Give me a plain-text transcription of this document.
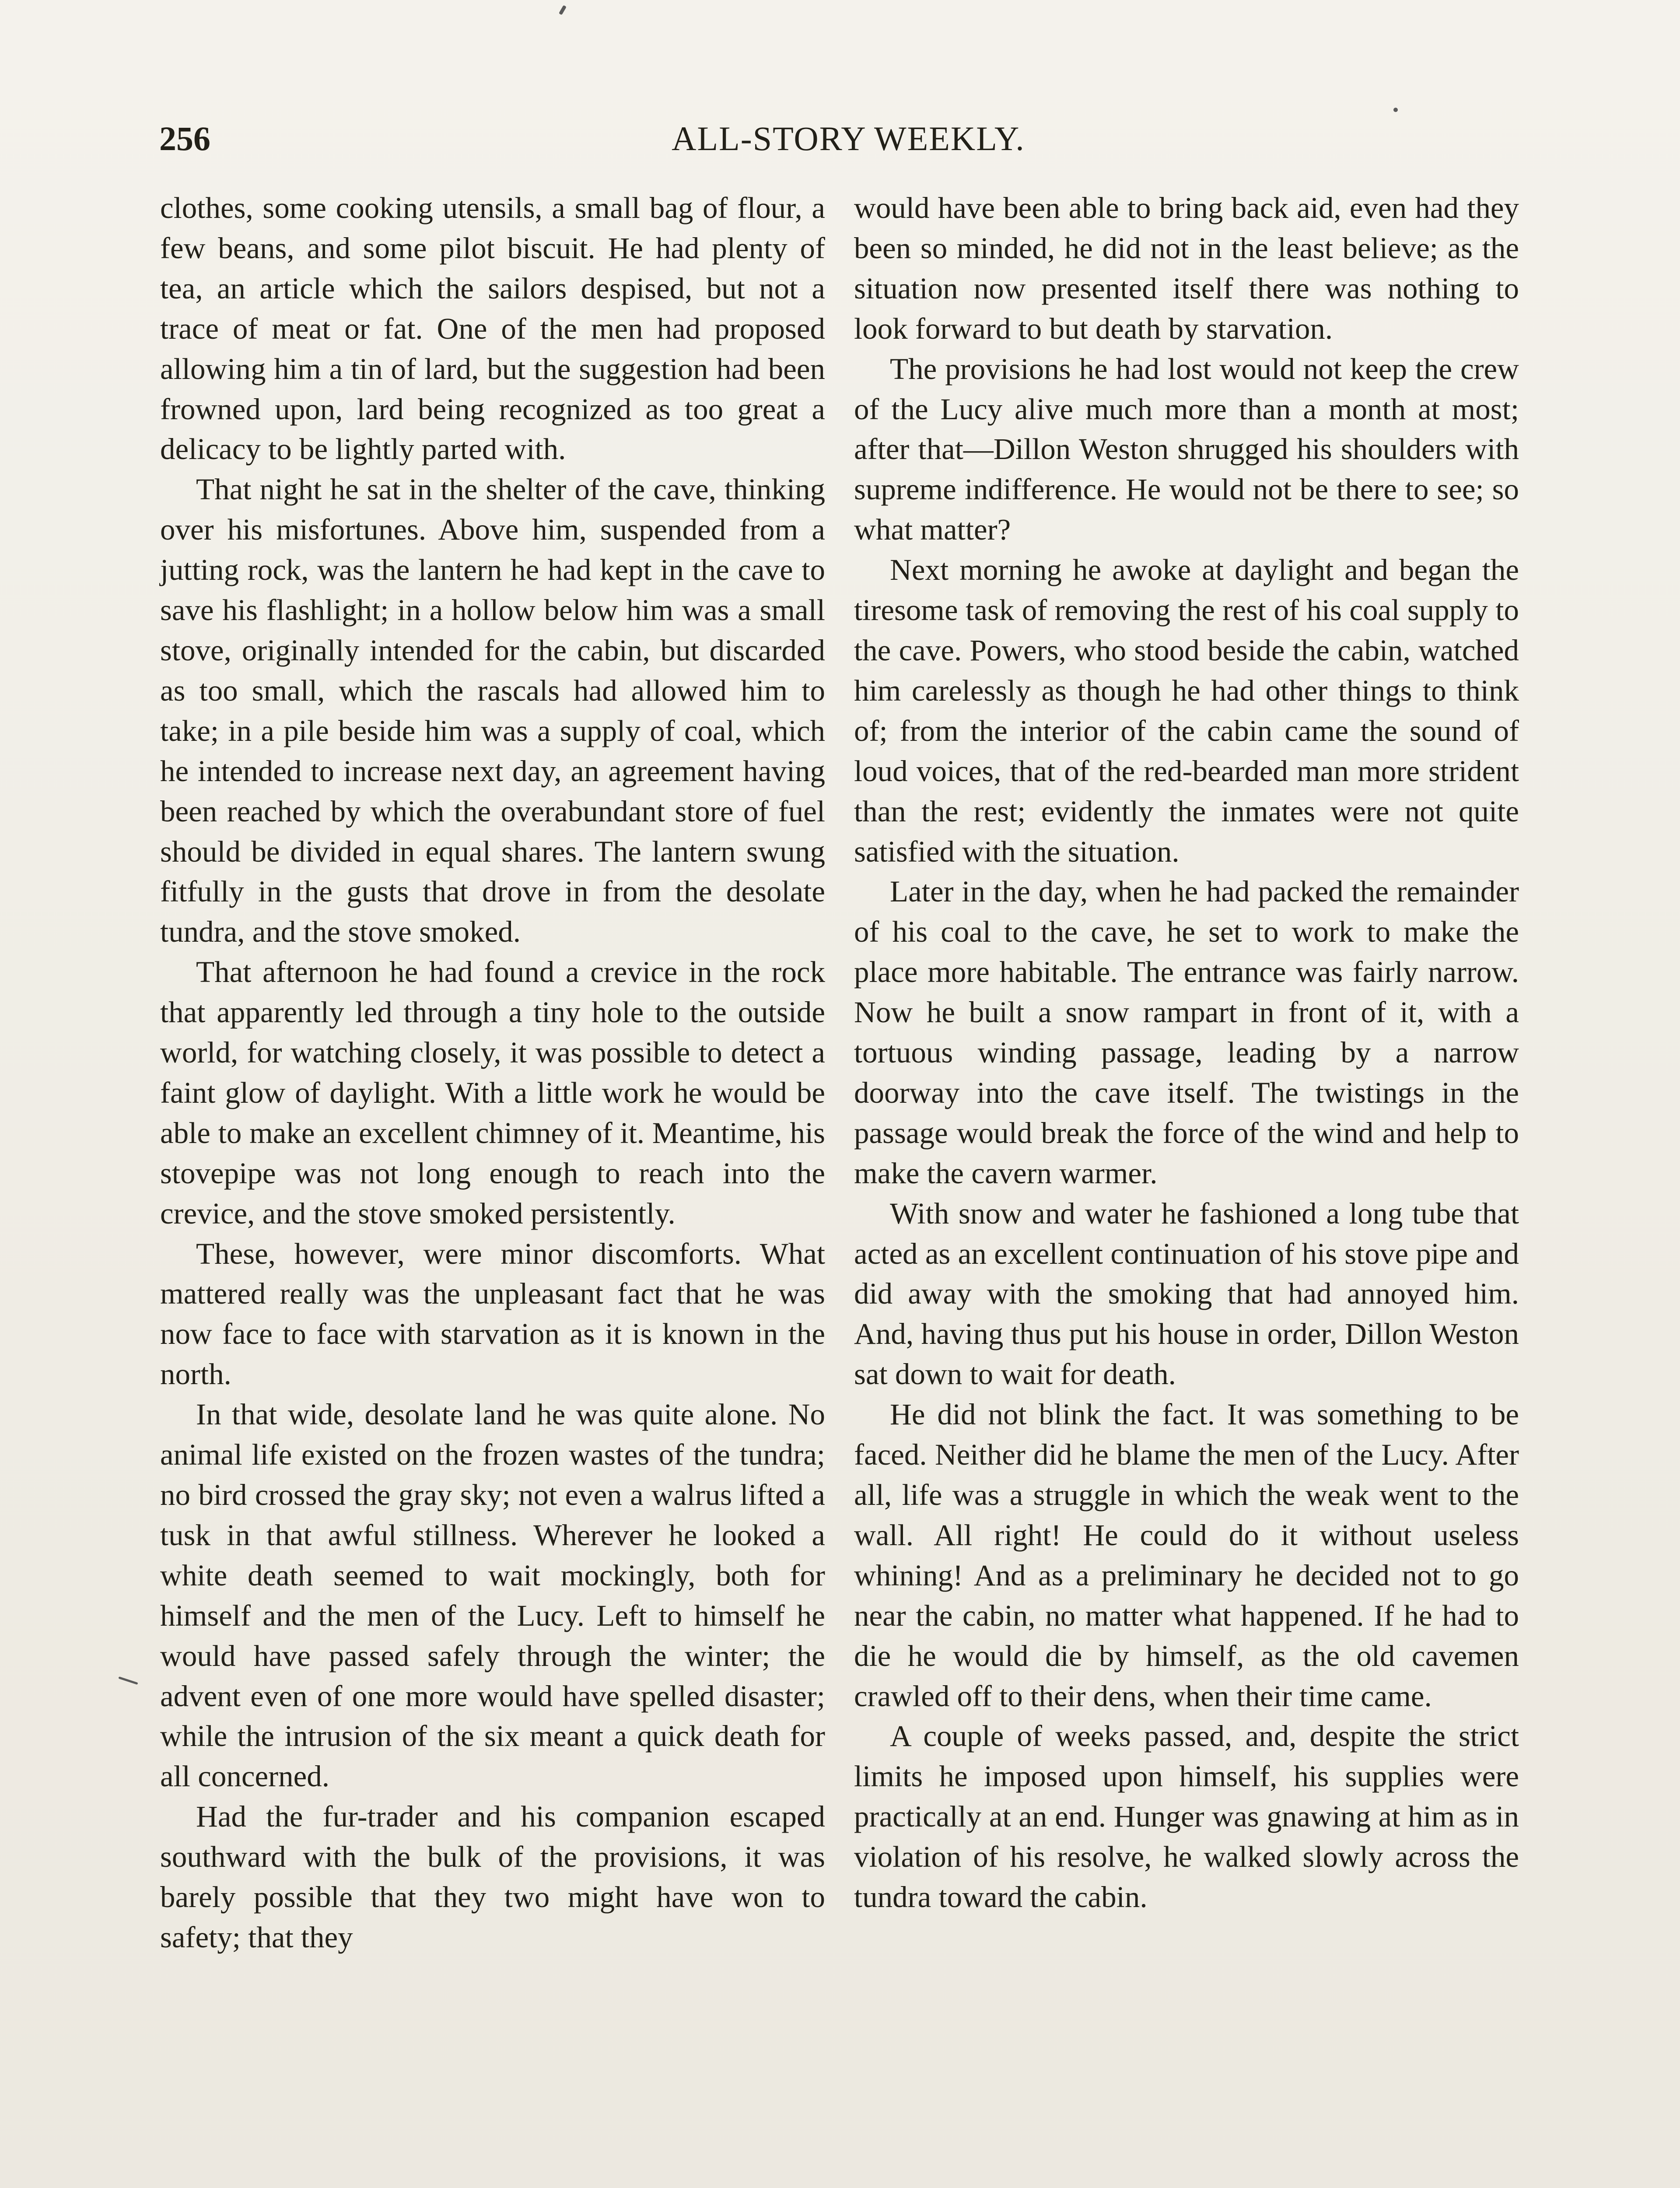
256	ALL-STORY WEEKLY.

clothes, some cooking utensils, a small bag of flour, a few beans, and some pilot biscuit. He had plenty of tea, an article which the sailors despised, but not a trace of meat or fat. One of the men had proposed allowing him a tin of lard, but the suggestion had been frowned upon, lard being recognized as too great a delicacy to be lightly parted with.

That night he sat in the shelter of the cave, thinking over his misfortunes. Above him, suspended from a jutting rock, was the lantern he had kept in the cave to save his flashlight; in a hollow below him was a small stove, originally intended for the cabin, but discarded as too small, which the rascals had allowed him to take; in a pile beside him was a supply of coal, which he intended to increase next day, an agreement having been reached by which the overabundant store of fuel should be divided in equal shares. The lantern swung fitfully in the gusts that drove in from the desolate tundra, and the stove smoked.

That afternoon he had found a crevice in the rock that apparently led through a tiny hole to the outside world, for watching closely, it was possible to detect a faint glow of daylight. With a little work he would be able to make an excellent chimney of it. Meantime, his stovepipe was not long enough to reach into the crevice, and the stove smoked persistently.

These, however, were minor discomforts. What mattered really was the unpleasant fact that he was now face to face with starvation as it is known in the north.

In that wide, desolate land he was quite alone. No animal life existed on the frozen wastes of the tundra; no bird crossed the gray sky; not even a walrus lifted a tusk in that awful stillness. Wherever he looked a white death seemed to wait mockingly, both for himself and the men of the Lucy. Left to himself he would have passed safely through the winter; the advent even of one more would have spelled disaster; while the intrusion of the six meant a quick death for all concerned.

Had the fur-trader and his companion escaped southward with the bulk of the provisions, it was barely possible that they two might have won to safety; that they

would have been able to bring back aid, even had they been so minded, he did not in the least believe; as the situation now presented itself there was nothing to look forward to but death by starvation.

The provisions he had lost would not keep the crew of the Lucy alive much more than a month at most; after that—Dillon Weston shrugged his shoulders with supreme indifference. He would not be there to see; so what matter?

Next morning he awoke at daylight and began the tiresome task of removing the rest of his coal supply to the cave. Powers, who stood beside the cabin, watched him carelessly as though he had other things to think of; from the interior of the cabin came the sound of loud voices, that of the red-bearded man more strident than the rest; evidently the inmates were not quite satisfied with the situation.

Later in the day, when he had packed the remainder of his coal to the cave, he set to work to make the place more habitable. The entrance was fairly narrow. Now he built a snow rampart in front of it, with a tortuous winding passage, leading by a narrow doorway into the cave itself. The twistings in the passage would break the force of the wind and help to make the cavern warmer.

With snow and water he fashioned a long tube that acted as an excellent continuation of his stove pipe and did away with the smoking that had annoyed him. And, having thus put his house in order, Dillon Weston sat down to wait for death.

He did not blink the fact. It was something to be faced. Neither did he blame the men of the Lucy. After all, life was a struggle in which the weak went to the wall. All right! He could do it without useless whining! And as a preliminary he decided not to go near the cabin, no matter what happened. If he had to die he would die by himself, as the old cavemen crawled off to their dens, when their time came.

A couple of weeks passed, and, despite the strict limits he imposed upon himself, his supplies were practically at an end. Hunger was gnawing at him as in violation of his resolve, he walked slowly across the tundra toward the cabin.
